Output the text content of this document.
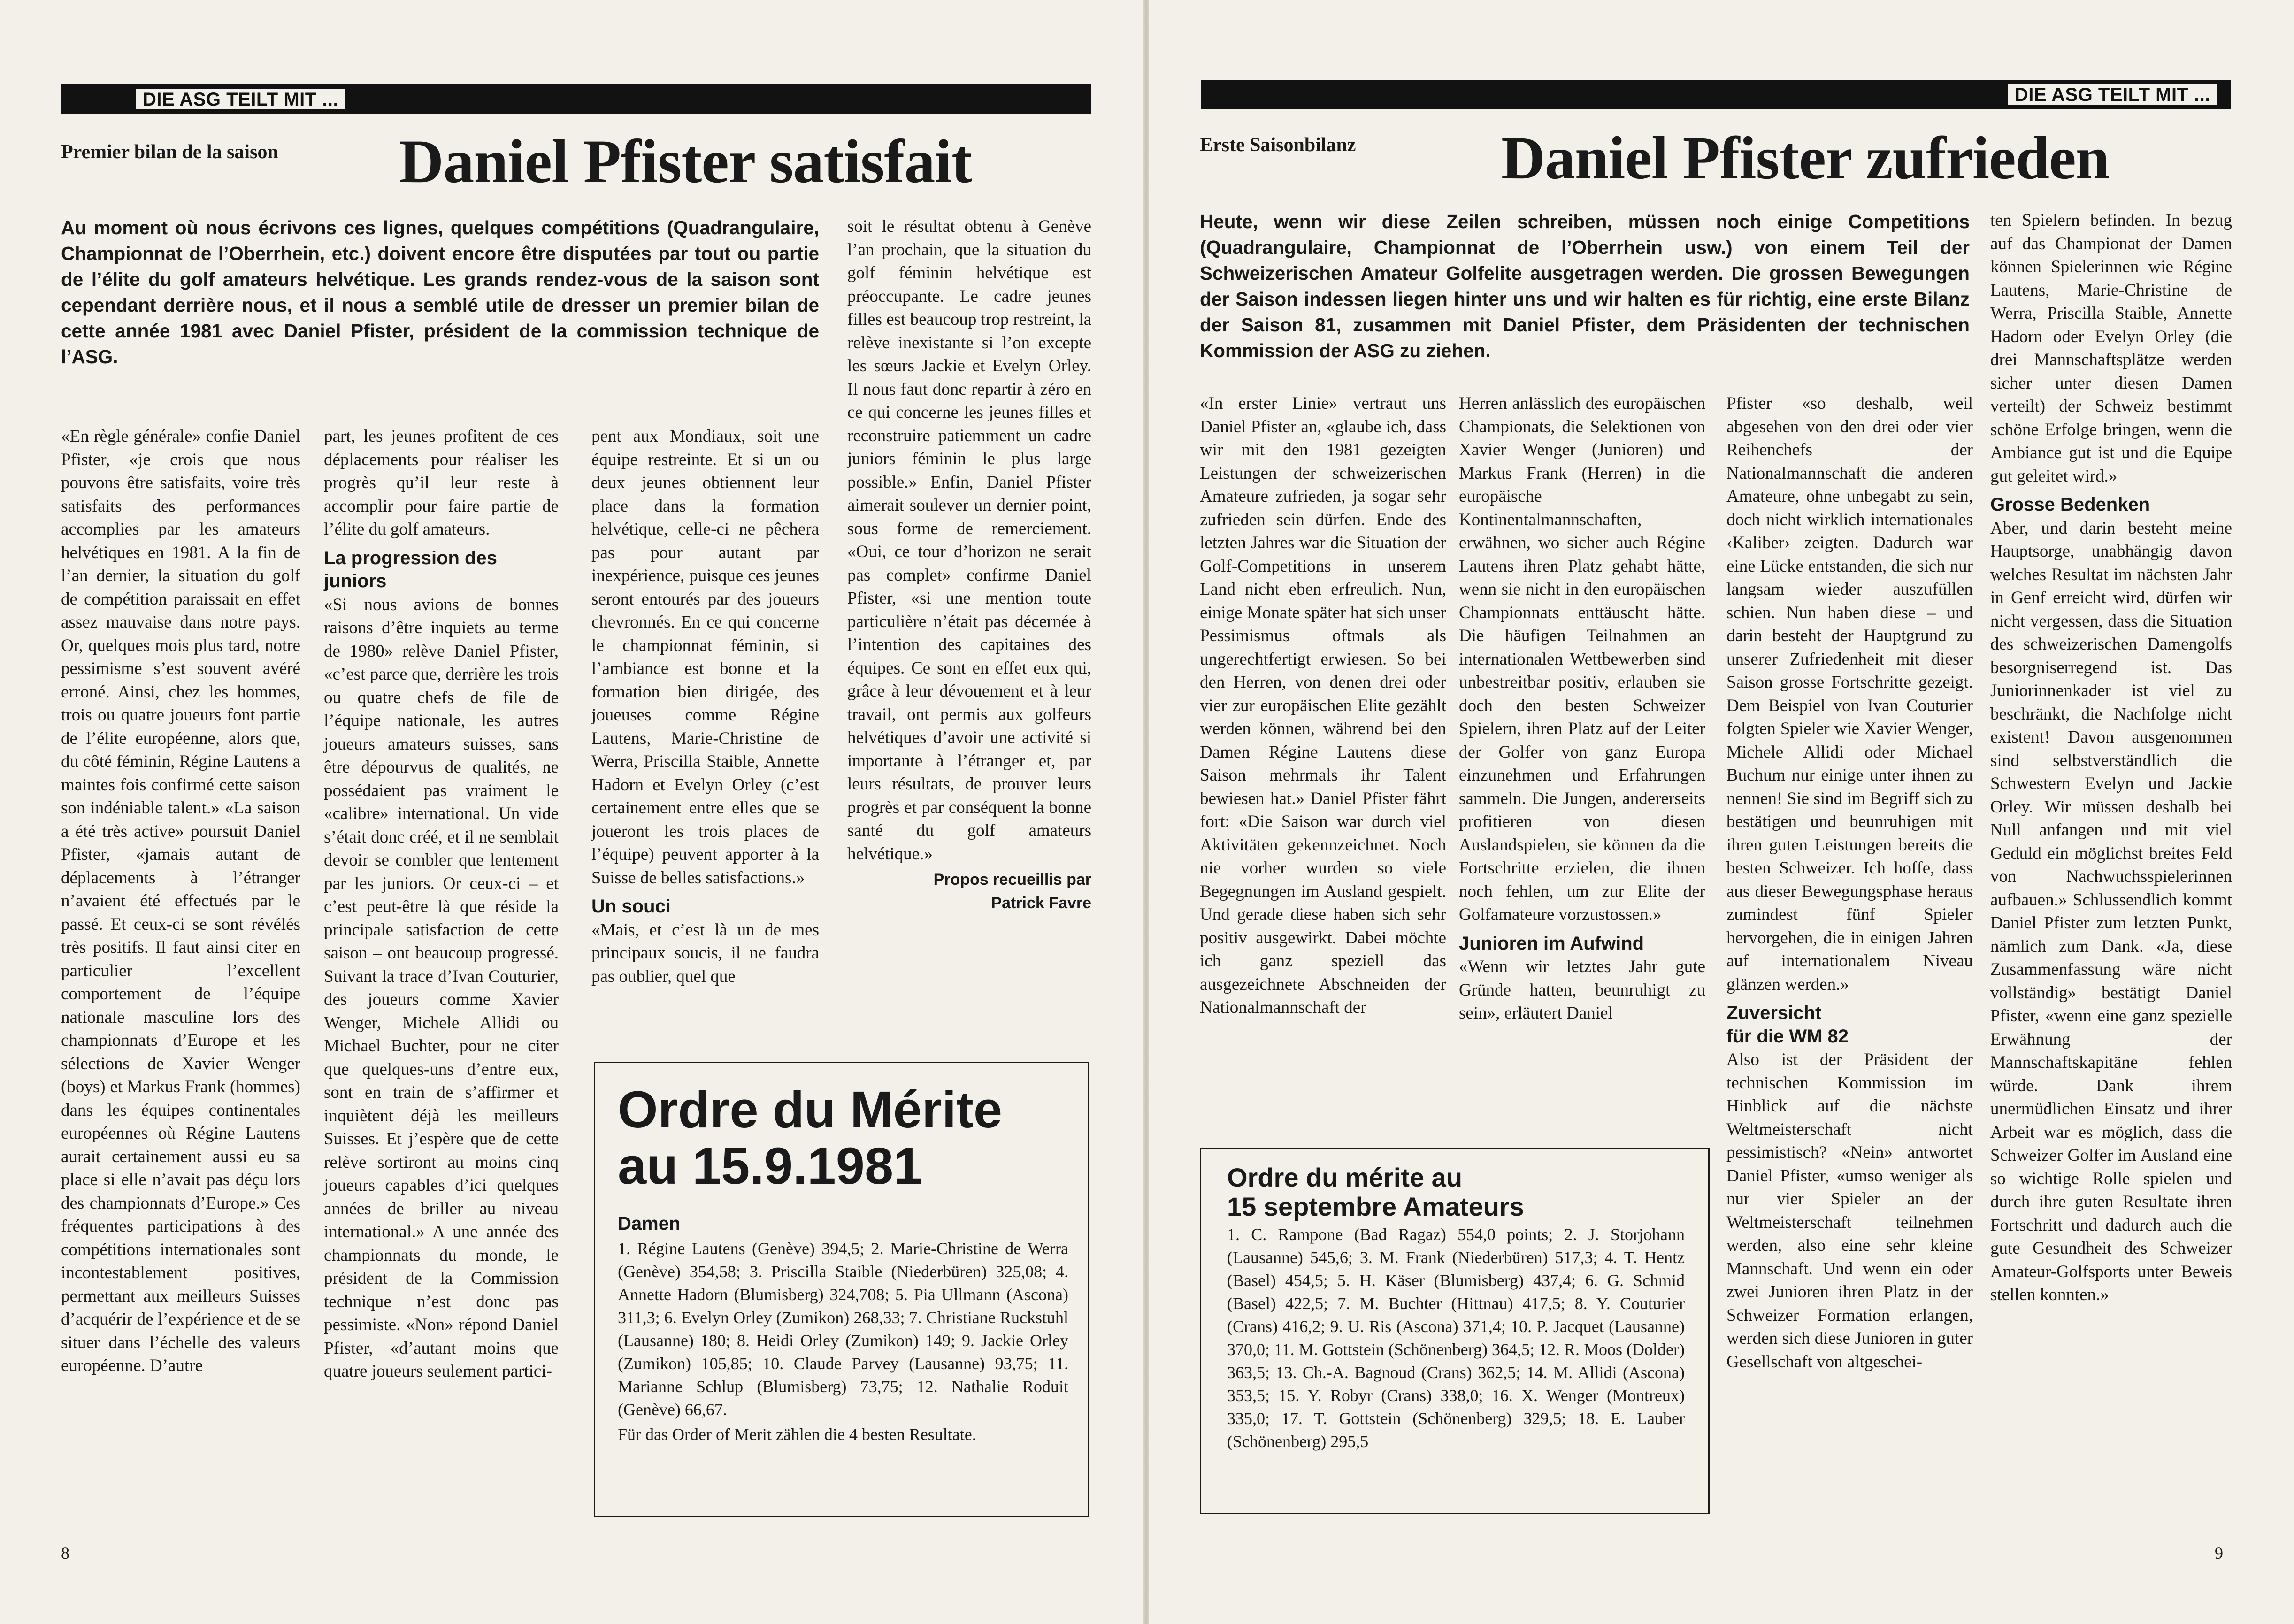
DIE ASG TEILT MIT ...
Premier bilan de la saison Daniel Pfister satisfait
Au moment où nous écrivons ces lignes, quelques compétitions (Quadrangulaire, Championnat de l’Oberrhein, etc.) doivent encore être disputées par tout ou partie de l’élite du golf amateurs helvétique. Les grands rendez-vous de la saison sont cependant derrière nous, et il nous a semblé utile de dresser un premier bilan de cette année 1981 avec Daniel Pfister, président de la commission technique de l’ASG.

«En règle générale» confie Daniel Pfister, «je crois que nous pouvons être satisfaits, voire très satisfaits des performances accomplies par les amateurs helvétiques en 1981. A la fin de l’an dernier, la situation du golf de compétition paraissait en effet assez mauvaise dans notre pays. Or, quelques mois plus tard, notre pessimisme s’est souvent avéré erroné. Ainsi, chez les hommes, trois ou quatre joueurs font partie de l’élite européenne, alors que, du côté féminin, Régine Lautens a maintes fois confirmé cette saison son indéniable talent.» «La saison a été très active» poursuit Daniel Pfister, «jamais autant de déplacements à l’étranger n’avaient été effectués par le passé. Et ceux-ci se sont révélés très positifs. Il faut ainsi citer en particulier l’excellent comportement de l’équipe nationale masculine lors des championnats d’Europe et les sélections de Xavier Wenger (boys) et Markus Frank (hommes) dans les équipes continentales européennes où Régine Lautens aurait certainement aussi eu sa place si elle n’avait pas déçu lors des championnats d’Europe.» Ces fréquentes participations à des compétitions internationales sont incontestablement positives, permettant aux meilleurs Suisses d’acquérir de l’expérience et de se situer dans l’échelle des valeurs européenne. D’autre

part, les jeunes profitent de ces déplacements pour réaliser les progrès qu’il leur reste à accomplir pour faire partie de l’élite du golf amateurs.

La progression des juniors

«Si nous avions de bonnes raisons d’être inquiets au terme de 1980» relève Daniel Pfister, «c’est parce que, derrière les trois ou quatre chefs de file de l’équipe nationale, les autres joueurs amateurs suisses, sans être dépourvus de qualités, ne possédaient pas vraiment le «calibre» international. Un vide s’était donc créé, et il ne semblait devoir se combler que lentement par les juniors. Or ceux-ci – et c’est peut-être là que réside la principale satisfaction de cette saison – ont beaucoup progressé. Suivant la trace d’Ivan Couturier, des joueurs comme Xavier Wenger, Michele Allidi ou Michael Buchter, pour ne citer que quelques-uns d’entre eux, sont en train de s’affirmer et inquiètent déjà les meilleurs Suisses. Et j’espère que de cette relève sortiront au moins cinq joueurs capables d’ici quelques années de briller au niveau international.» A une année des championnats du monde, le président de la Commission technique n’est donc pas pessimiste. «Non» répond Daniel Pfister, «d’autant moins que quatre joueurs seulement partici-

pent aux Mondiaux, soit une équipe restreinte. Et si un ou deux jeunes obtiennent leur place dans la formation helvétique, celle-ci ne pêchera pas pour autant par inexpérience, puisque ces jeunes seront entourés par des joueurs chevronnés. En ce qui concerne le championnat féminin, si l’ambiance est bonne et la formation bien dirigée, des joueuses comme Régine Lautens, Marie-Christine de Werra, Priscilla Staible, Annette Hadorn et Evelyn Orley (c’est certainement entre elles que se joueront les trois places de l’équipe) peuvent apporter à la Suisse de belles satisfactions.»

Un souci

«Mais, et c’est là un de mes principaux soucis, il ne faudra pas oublier, quel que

soit le résultat obtenu à Genève l’an prochain, que la situation du golf féminin helvétique est préoccupante. Le cadre jeunes filles est beaucoup trop restreint, la relève inexistante si l’on excepte les sœurs Jackie et Evelyn Orley. Il nous faut donc repartir à zéro en ce qui concerne les jeunes filles et reconstruire patiemment un cadre juniors féminin le plus large possible.» Enfin, Daniel Pfister aimerait soulever un dernier point, sous forme de remerciement. «Oui, ce tour d’horizon ne serait pas complet» confirme Daniel Pfister, «si une mention toute particulière n’était pas décernée à l’intention des capitaines des équipes. Ce sont en effet eux qui, grâce à leur dévouement et à leur travail, ont permis aux golfeurs helvétiques d’avoir une activité si importante à l’étranger et, par leurs résultats, de prouver leurs progrès et par conséquent la bonne santé du golf amateurs helvétique.»

Propos recueillis par

Patrick Favre

Ordre du Mérite
au 15.9.1981
Damen
1. Régine Lautens (Genève) 394,5; 2. Marie-Christine de Werra (Genève) 354,58; 3. Priscilla Staible (Niederbüren) 325,08; 4. Annette Hadorn (Blumisberg) 324,708; 5. Pia Ullmann (Ascona) 311,3; 6. Evelyn Orley (Zumikon) 268,33; 7. Christiane Ruckstuhl (Lausanne) 180; 8. Heidi Orley (Zumikon) 149; 9. Jackie Orley (Zumikon) 105,85; 10. Claude Parvey (Lausanne) 93,75; 11. Marianne Schlup (Blumisberg) 73,75; 12. Nathalie Roduit (Genève) 66,67.
Für das Order of Merit zählen die 4 besten Resultate.
8
DIE ASG TEILT MIT ...
Erste Saisonbilanz Daniel Pfister zufrieden
Heute, wenn wir diese Zeilen schreiben, müssen noch einige Competitions (Quadrangulaire, Championnat de l’Oberrhein usw.) von einem Teil der Schweizerischen Amateur Golfelite ausgetragen werden. Die grossen Bewegungen der Saison indessen liegen hinter uns und wir halten es für richtig, eine erste Bilanz der Saison 81, zusammen mit Daniel Pfister, dem Präsidenten der technischen Kommission der ASG zu ziehen.

«In erster Linie» vertraut uns Daniel Pfister an, «glaube ich, dass wir mit den 1981 gezeigten Leistungen der schweizerischen Amateure zufrieden, ja sogar sehr zufrieden sein dürfen. Ende des letzten Jahres war die Situation der Golf-Competitions in unserem Land nicht eben erfreulich. Nun, einige Monate später hat sich unser Pessimismus oftmals als ungerechtfertigt erwiesen. So bei den Herren, von denen drei oder vier zur europäischen Elite gezählt werden können, während bei den Damen Régine Lautens diese Saison mehrmals ihr Talent bewiesen hat.» Daniel Pfister fährt fort: «Die Saison war durch viel Aktivitäten gekennzeichnet. Noch nie vorher wurden so viele Begegnungen im Ausland gespielt. Und gerade diese haben sich sehr positiv ausgewirkt. Dabei möchte ich ganz speziell das ausgezeichnete Abschneiden der Nationalmannschaft der

Herren anlässlich des europäischen Championats, die Selektionen von Xavier Wenger (Junioren) und Markus Frank (Herren) in die europäische Kontinentalmannschaften, erwähnen, wo sicher auch Régine Lautens ihren Platz gehabt hätte, wenn sie nicht in den europäischen Championnats enttäuscht hätte. Die häufigen Teilnahmen an internationalen Wettbewerben sind unbestreitbar positiv, erlauben sie doch den besten Schweizer Spielern, ihren Platz auf der Leiter der Golfer von ganz Europa einzunehmen und Erfahrungen sammeln. Die Jungen, andererseits profitieren von diesen Auslandspielen, sie können da die Fortschritte erzielen, die ihnen noch fehlen, um zur Elite der Golfamateure vorzustossen.»

Junioren im Aufwind

«Wenn wir letztes Jahr gute Gründe hatten, beunruhigt zu sein», erläutert Daniel

Pfister «so deshalb, weil abgesehen von den drei oder vier Reihenchefs der Nationalmannschaft die anderen Amateure, ohne unbegabt zu sein, doch nicht wirklich internationales ‹Kaliber› zeigten. Dadurch war eine Lücke entstanden, die sich nur langsam wieder auszufüllen schien. Nun haben diese – und darin besteht der Hauptgrund zu unserer Zufriedenheit mit dieser Saison grosse Fortschritte gezeigt. Dem Beispiel von Ivan Couturier folgten Spieler wie Xavier Wenger, Michele Allidi oder Michael Buchum nur einige unter ihnen zu nennen! Sie sind im Begriff sich zu bestätigen und beunruhigen mit ihren guten Leistungen bereits die besten Schweizer. Ich hoffe, dass aus dieser Bewegungsphase heraus zumindest fünf Spieler hervorgehen, die in einigen Jahren auf internationalem Niveau glänzen werden.»

Zuversicht

für die WM 82

Also ist der Präsident der technischen Kommission im Hinblick auf die nächste Weltmeisterschaft nicht pessimistisch? «Nein» antwortet Daniel Pfister, «umso weniger als nur vier Spieler an der Weltmeisterschaft teilnehmen werden, also eine sehr kleine Mannschaft. Und wenn ein oder zwei Junioren ihren Platz in der Schweizer Formation erlangen, werden sich diese Junioren in guter Gesellschaft von altgeschei-

ten Spielern befinden. In bezug auf das Championat der Damen können Spielerinnen wie Régine Lautens, Marie-Christine de Werra, Priscilla Staible, Annette Hadorn oder Evelyn Orley (die drei Mannschaftsplätze werden sicher unter diesen Damen verteilt) der Schweiz bestimmt schöne Erfolge bringen, wenn die Ambiance gut ist und die Equipe gut geleitet wird.»

Grosse Bedenken

Aber, und darin besteht meine Hauptsorge, unabhängig davon welches Resultat im nächsten Jahr in Genf erreicht wird, dürfen wir nicht vergessen, dass die Situation des schweizerischen Damengolfs besorgniserregend ist. Das Juniorinnenkader ist viel zu beschränkt, die Nachfolge nicht existent! Davon ausgenommen sind selbstverständlich die Schwestern Evelyn und Jackie Orley. Wir müssen deshalb bei Null anfangen und mit viel Geduld ein möglichst breites Feld von Nachwuchsspielerinnen aufbauen.» Schlussendlich kommt Daniel Pfister zum letzten Punkt, nämlich zum Dank. «Ja, diese Zusammenfassung wäre nicht vollständig» bestätigt Daniel Pfister, «wenn eine ganz spezielle Erwähnung der Mannschaftskapitäne fehlen würde. Dank ihrem unermüdlichen Einsatz und ihrer Arbeit war es möglich, dass die Schweizer Golfer im Ausland eine so wichtige Rolle spielen und durch ihre guten Resultate ihren Fortschritt und dadurch auch die gute Gesundheit des Schweizer Amateur-Golfsports unter Beweis stellen konnten.»

Ordre du mérite au
15 septembre Amateurs
1. C. Rampone (Bad Ragaz) 554,0 points; 2. J. Storjohann (Lausanne) 545,6; 3. M. Frank (Niederbüren) 517,3; 4. T. Hentz (Basel) 454,5; 5. H. Käser (Blumisberg) 437,4; 6. G. Schmid (Basel) 422,5; 7. M. Buchter (Hittnau) 417,5; 8. Y. Couturier (Crans) 416,2; 9. U. Ris (Ascona) 371,4; 10. P. Jacquet (Lausanne) 370,0; 11. M. Gottstein (Schönenberg) 364,5; 12. R. Moos (Dolder) 363,5; 13. Ch.-A. Bagnoud (Crans) 362,5; 14. M. Allidi (Ascona) 353,5; 15. Y. Robyr (Crans) 338,0; 16. X. Wenger (Montreux) 335,0; 17. T. Gottstein (Schönenberg) 329,5; 18. E. Lauber (Schönenberg) 295,5
9
